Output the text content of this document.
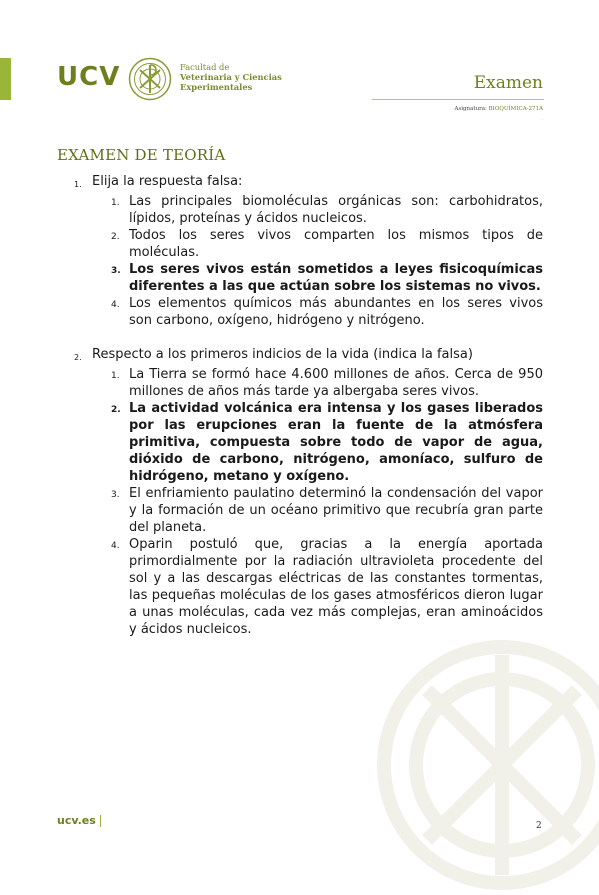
UCV	Facultad de
Veterinaria y Ciencias
Experimentales	Examen
Asignatura: BIOQUÍMICA-271A
.
EXAMEN DE TEORÍA
1. Elija la respuesta falsa:
1. Las principales biomoléculas orgánicas son: carbohidratos, lípidos, proteínas y ácidos nucleicos.
2. Todos los seres vivos comparten los mismos tipos de moléculas.
3. Los seres vivos están sometidos a leyes fisicoquímicas diferentes a las que actúan sobre los sistemas no vivos.
4. Los elementos químicos más abundantes en los seres vivos son carbono, oxígeno, hidrógeno y nitrógeno.
2. Respecto a los primeros indicios de la vida (indica la falsa)
1. La Tierra se formó hace 4.600 millones de años. Cerca de 950 millones de años más tarde ya albergaba seres vivos.
2. La actividad volcánica era intensa y los gases liberados por las erupciones eran la fuente de la atmósfera primitiva, compuesta sobre todo de vapor de agua, dióxido de carbono, nitrógeno, amoníaco, sulfuro de hidrógeno, metano y oxígeno.
3. El enfriamiento paulatino determinó la condensación del vapor y la formación de un océano primitivo que recubría gran parte del planeta.
4. Oparin postuló que, gracias a la energía aportada primordialmente por la radiación ultravioleta procedente del sol y a las descargas eléctricas de las constantes tormentas, las pequeñas moléculas de los gases atmosféricos dieron lugar a unas moléculas, cada vez más complejas, eran aminoácidos y ácidos nucleicos.
ucv.es	2
